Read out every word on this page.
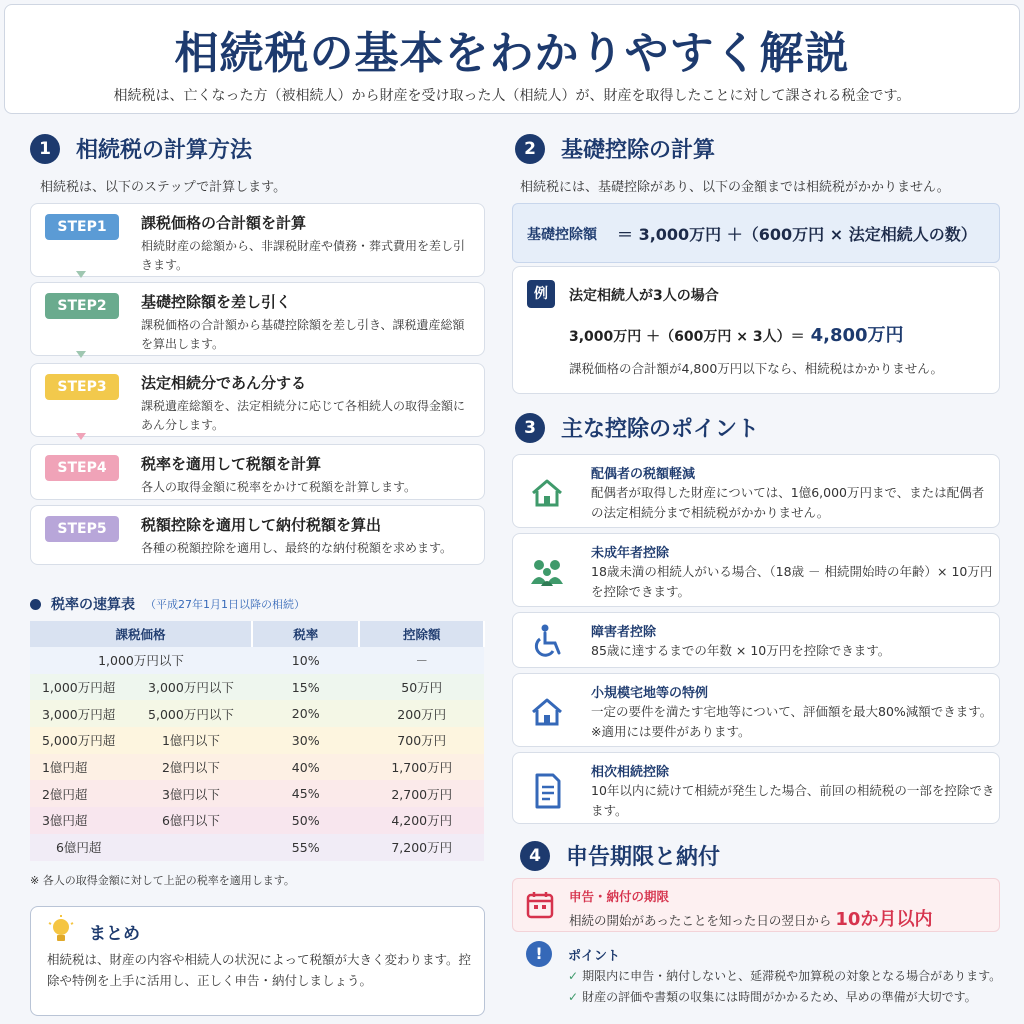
相続税の基本をわかりやすく解説
相続税は、亡くなった方（被相続人）から財産を受け取った人（相続人）が、財産を取得したことに対して課される税金です。
1	相続税の計算方法
相続税は、以下のステップで計算します。
STEP1	課税価格の合計額を計算
相続財産の総額から、非課税財産や債務・葬式費用を差し引きます。
STEP2	基礎控除額を差し引く
課税価格の合計額から基礎控除額を差し引き、課税遺産総額を算出します。
STEP3	法定相続分であん分する
課税遺産総額を、法定相続分に応じて各相続人の取得金額にあん分します。
STEP4	税率を適用して税額を計算
各人の取得金額に税率をかけて税額を計算します。
STEP5	税額控除を適用して納付税額を算出
各種の税額控除を適用し、最終的な納付税額を求めます。
税率の速算表 （平成27年1月1日以降の相続）
課税価格	税率	控除額
1,000万円以下	10%	－
1,000万円超 3,000万円以下	15%	50万円
3,000万円超 5,000万円以下	20%	200万円
5,000万円超 1億円以下	30%	700万円
1億円超 2億円以下	40%	1,700万円
2億円超 3億円以下	45%	2,700万円
3億円超 6億円以下	50%	4,200万円
6億円超	55%	7,200万円
※ 各人の取得金額に対して上記の税率を適用します。
まとめ
相続税は、財産の内容や相続人の状況によって税額が大きく変わります。控除や特例を上手に活用し、正しく申告・納付しましょう。
2	基礎控除の計算
相続税には、基礎控除があり、以下の金額までは相続税がかかりません。
基礎控除額 ＝ 3,000万円 ＋（600万円 × 法定相続人の数）
例	法定相続人が3人の場合
3,000万円 ＋（600万円 × 3人）＝ 4,800万円
課税価格の合計額が4,800万円以下なら、相続税はかかりません。
3	主な控除のポイント
配偶者の税額軽減
配偶者が取得した財産については、1億6,000万円まで、または配偶者の法定相続分まで相続税がかかりません。
未成年者控除
18歳未満の相続人がいる場合、（18歳 － 相続開始時の年齢）× 10万円を控除できます。
障害者控除
85歳に達するまでの年数 × 10万円を控除できます。
小規模宅地等の特例
一定の要件を満たす宅地等について、評価額を最大80%減額できます。※適用には要件があります。
相次相続控除
10年以内に続けて相続が発生した場合、前回の相続税の一部を控除できます。
4	申告期限と納付
申告・納付の期限
相続の開始があったことを知った日の翌日から 10か月以内
!	ポイント
✓ 期限内に申告・納付しないと、延滞税や加算税の対象となる場合があります。
✓ 財産の評価や書類の収集には時間がかかるため、早めの準備が大切です。
